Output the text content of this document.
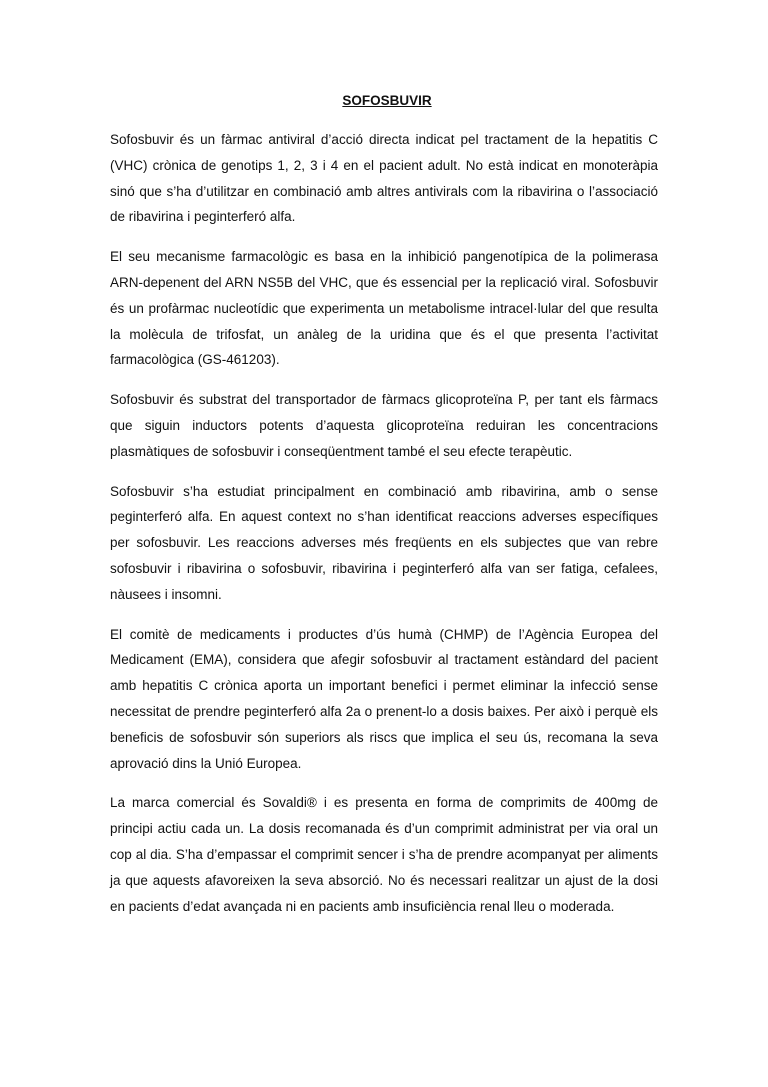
SOFOSBUVIR

Sofosbuvir és un fàrmac antiviral d’acció directa indicat pel tractament de la hepatitis C (VHC) crònica de genotips 1, 2, 3 i 4 en el pacient adult. No està indicat en monoteràpia sinó que s’ha d’utilitzar en combinació amb altres antivirals com la ribavirina o l’associació de ribavirina i peginterferó alfa.

El seu mecanisme farmacològic es basa en la inhibició pangenotípica de la polimerasa ARN-depenent del ARN NS5B del VHC, que és essencial per la replicació viral. Sofosbuvir és un profàrmac nucleotídic que experimenta un metabolisme intracel·lular del que resulta la molècula de trifosfat, un anàleg de la uridina que és el que presenta l’activitat farmacològica (GS-461203).

Sofosbuvir és substrat del transportador de fàrmacs glicoproteïna P, per tant els fàrmacs que siguin inductors potents d’aquesta glicoproteïna reduiran les concentracions plasmàtiques de sofosbuvir i conseqüentment també el seu efecte terapèutic.

Sofosbuvir s’ha estudiat principalment en combinació amb ribavirina, amb o sense peginterferó alfa. En aquest context no s’han identificat reaccions adverses específiques per sofosbuvir. Les reaccions adverses més freqüents en els subjectes que van rebre sofosbuvir i ribavirina o sofosbuvir, ribavirina i peginterferó alfa van ser fatiga, cefalees, nàusees i insomni.

El comitè de medicaments i productes d’ús humà (CHMP) de l’Agència Europea del Medicament (EMA), considera que afegir sofosbuvir al tractament estàndard del pacient amb hepatitis C crònica aporta un important benefici i permet eliminar la infecció sense necessitat de prendre peginterferó alfa 2a o prenent-lo a dosis baixes. Per això i perquè els beneficis de sofosbuvir són superiors als riscs que implica el seu ús, recomana la seva aprovació dins la Unió Europea.

La marca comercial és Sovaldi® i es presenta en forma de comprimits de 400mg de principi actiu cada un. La dosis recomanada és d’un comprimit administrat per via oral un cop al dia. S’ha d’empassar el comprimit sencer i s’ha de prendre acompanyat per aliments ja que aquests afavoreixen la seva absorció. No és necessari realitzar un ajust de la dosi en pacients d’edat avançada ni en pacients amb insuficiència renal lleu o moderada.
